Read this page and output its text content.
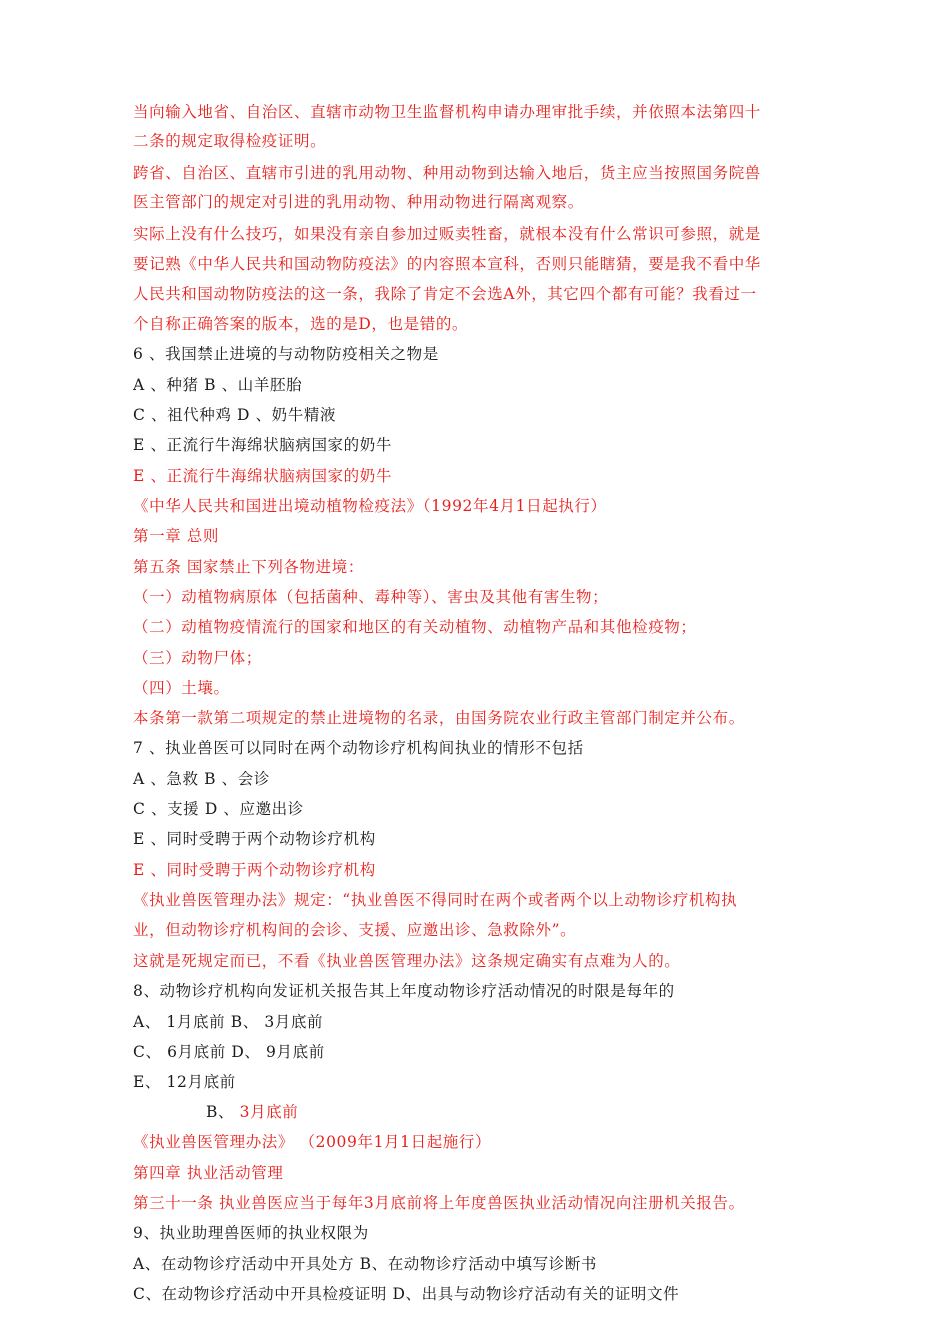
当向输入地省、自治区、直辖市动物卫生监督机构申请办理审批手续，并依照本法第四十
二条的规定取得检疫证明。
跨省、自治区、直辖市引进的乳用动物、种用动物到达输入地后，货主应当按照国务院兽
医主管部门的规定对引进的乳用动物、种用动物进行隔离观察。
实际上没有什么技巧，如果没有亲自参加过贩卖牲畜，就根本没有什么常识可参照，就是
要记熟《中华人民共和国动物防疫法》的内容照本宣科，否则只能瞎猜，要是我不看中华
人民共和国动物防疫法的这一条，我除了肯定不会选A外，其它四个都有可能？我看过一
个自称正确答案的版本，选的是D，也是错的。
6 、我国禁止进境的与动物防疫相关之物是
A 、种猪 B 、山羊胚胎
C 、祖代种鸡 D 、奶牛精液
E 、正流行牛海绵状脑病国家的奶牛
E 、正流行牛海绵状脑病国家的奶牛
《中华人民共和国进出境动植物检疫法》（1992年4月1日起执行）
第一章 总则
第五条 国家禁止下列各物进境：
（一）动植物病原体（包括菌种、毒种等）、害虫及其他有害生物；
（二）动植物疫情流行的国家和地区的有关动植物、动植物产品和其他检疫物；
（三）动物尸体；
（四）土壤。
本条第一款第二项规定的禁止进境物的名录，由国务院农业行政主管部门制定并公布。
7 、执业兽医可以同时在两个动物诊疗机构间执业的情形不包括
A 、急救 B 、会诊
C 、支援 D 、应邀出诊
E 、同时受聘于两个动物诊疗机构
E 、同时受聘于两个动物诊疗机构
《执业兽医管理办法》规定：“执业兽医不得同时在两个或者两个以上动物诊疗机构执
业，但动物诊疗机构间的会诊、支援、应邀出诊、急救除外”。
这就是死规定而已，不看《执业兽医管理办法》这条规定确实有点难为人的。
8、动物诊疗机构向发证机关报告其上年度动物诊疗活动情况的时限是每年的
A、 1月底前 B、 3月底前
C、 6月底前 D、 9月底前
E、 12月底前
B、 3月底前
《执业兽医管理办法》 （2009年1月1日起施行）
第四章 执业活动管理
第三十一条 执业兽医应当于每年3月底前将上年度兽医执业活动情况向注册机关报告。
9、执业助理兽医师的执业权限为
A、在动物诊疗活动中开具处方 B、在动物诊疗活动中填写诊断书
C、在动物诊疗活动中开具检疫证明 D、出具与动物诊疗活动有关的证明文件
